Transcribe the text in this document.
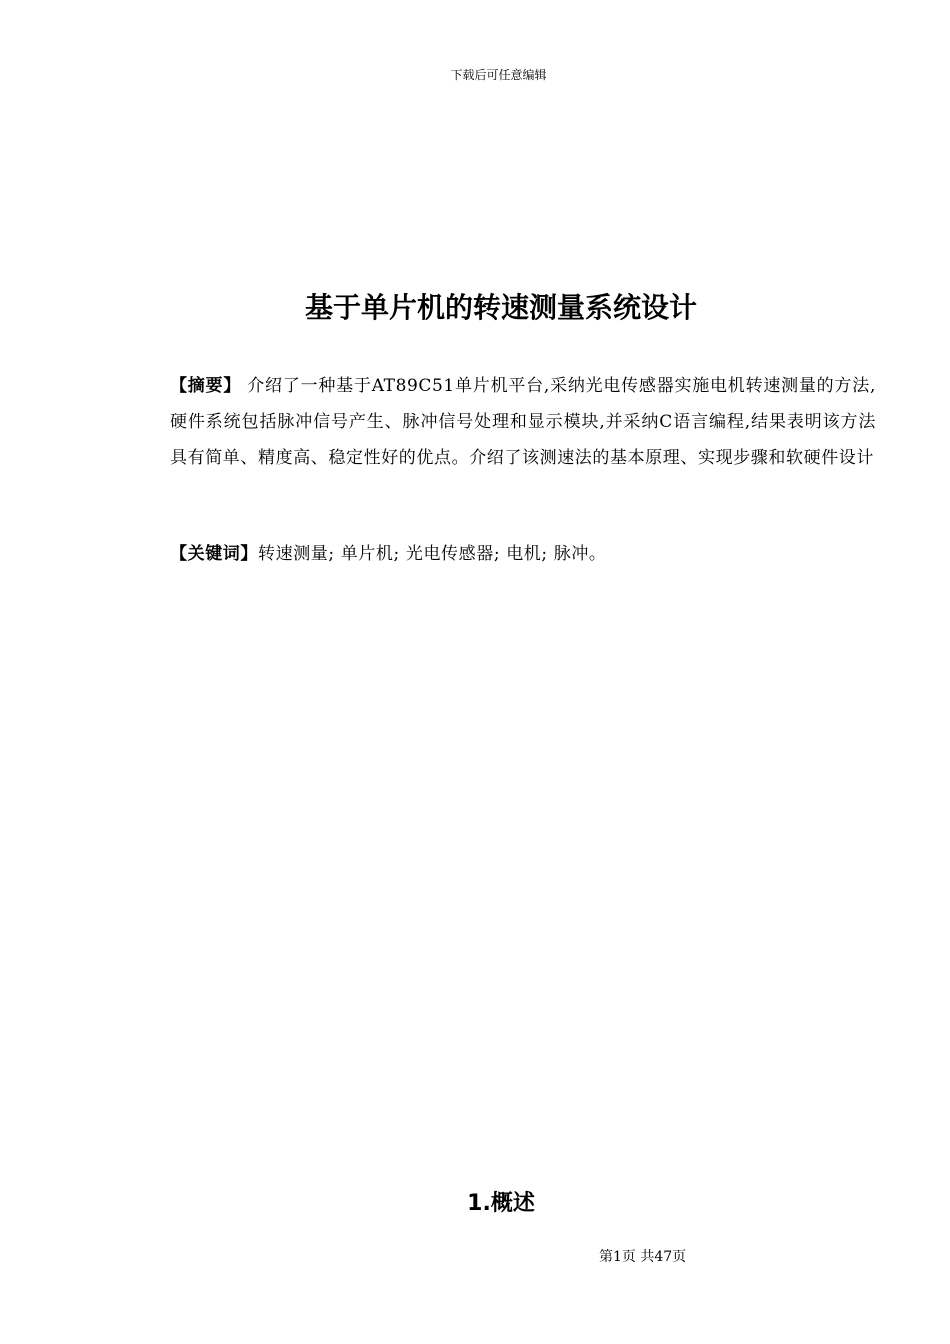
下载后可任意编辑
基于单片机的转速测量系统设计
【摘要】 介绍了一种基于AT89C51单片机平台,采纳光电传感器实施电机转速测量的方法,硬件系统包括脉冲信号产生、脉冲信号处理和显示模块,并采纳C语言编程,结果表明该方法具有简单、精度高、稳定性好的优点。介绍了该测速法的基本原理、实现步骤和软硬件设计
【关键词】转速测量; 单片机; 光电传感器; 电机; 脉冲。
1.概述
第1页 共47页
